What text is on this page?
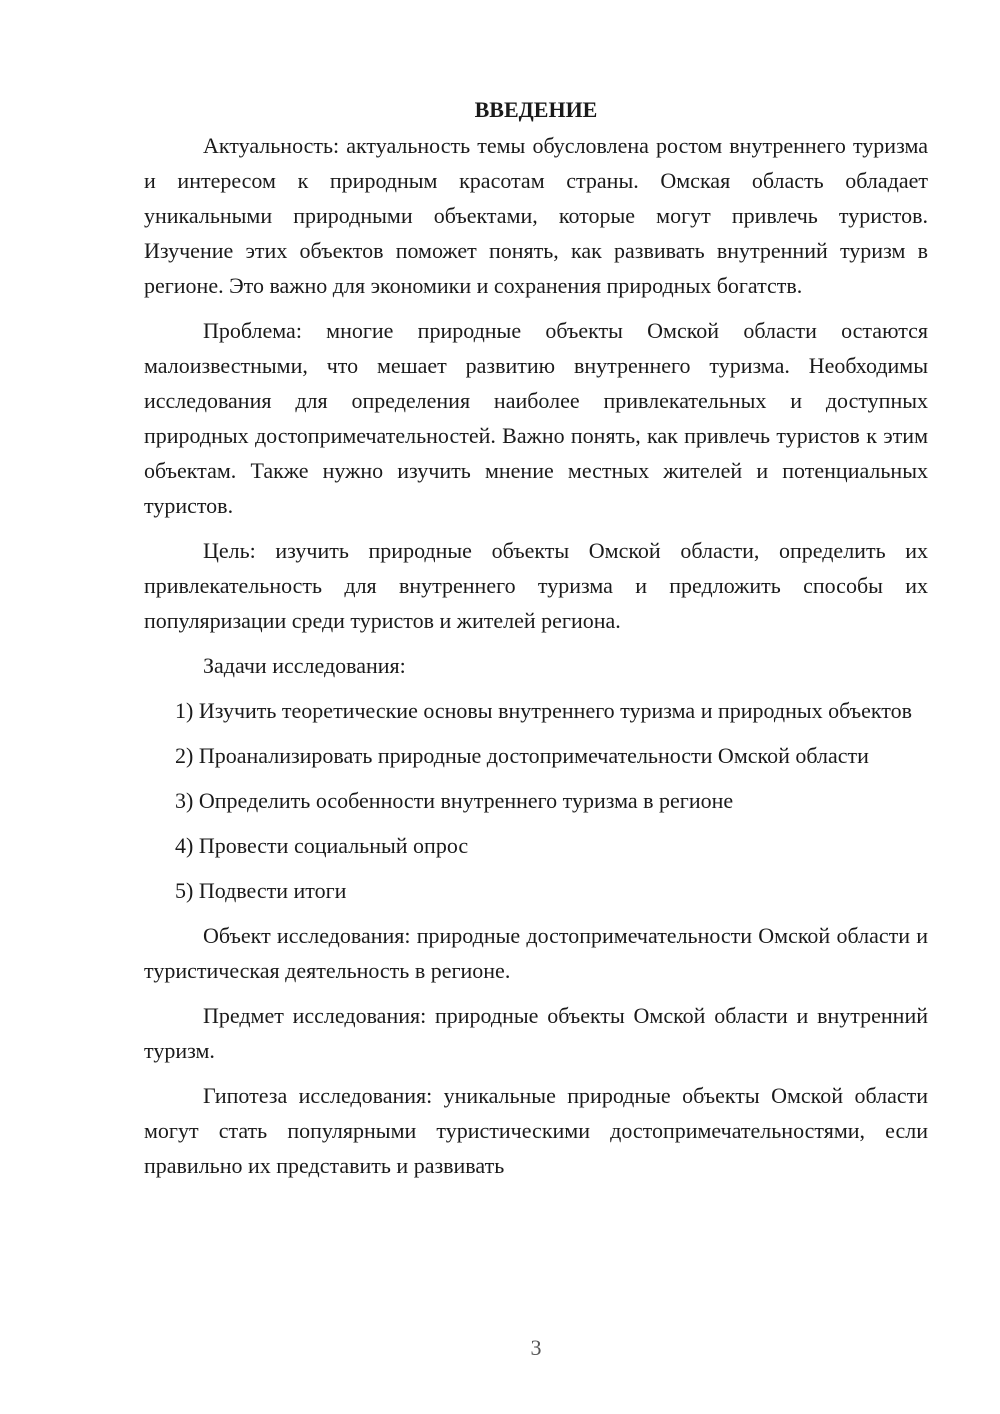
ВВЕДЕНИЕ

Актуальность: актуальность темы обусловлена ростом внутреннего туризма и интересом к природным красотам страны. Омская область обладает уникальными природными объектами, которые могут привлечь туристов. Изучение этих объектов поможет понять, как развивать внутренний туризм в регионе. Это важно для экономики и сохранения природных богатств.

Проблема: многие природные объекты Омской области остаются малоизвестными, что мешает развитию внутреннего туризма. Необходимы исследования для определения наиболее привлекательных и доступных природных достопримечательностей. Важно понять, как привлечь туристов к этим объектам. Также нужно изучить мнение местных жителей и потенциальных туристов.

Цель: изучить природные объекты Омской области, определить их привлекательность для внутреннего туризма и предложить способы их популяризации среди туристов и жителей региона.

Задачи исследования:

1) Изучить теоретические основы внутреннего туризма и природных объектов

2) Проанализировать природные достопримечательности Омской области

3) Определить особенности внутреннего туризма в регионе

4) Провести социальный опрос

5) Подвести итоги

Объект исследования: природные достопримечательности Омской области и туристическая деятельность в регионе.

Предмет исследования: природные объекты Омской области и внутренний туризм.

Гипотеза исследования: уникальные природные объекты Омской области могут стать популярными туристическими достопримечательностями, если правильно их представить и развивать

3
